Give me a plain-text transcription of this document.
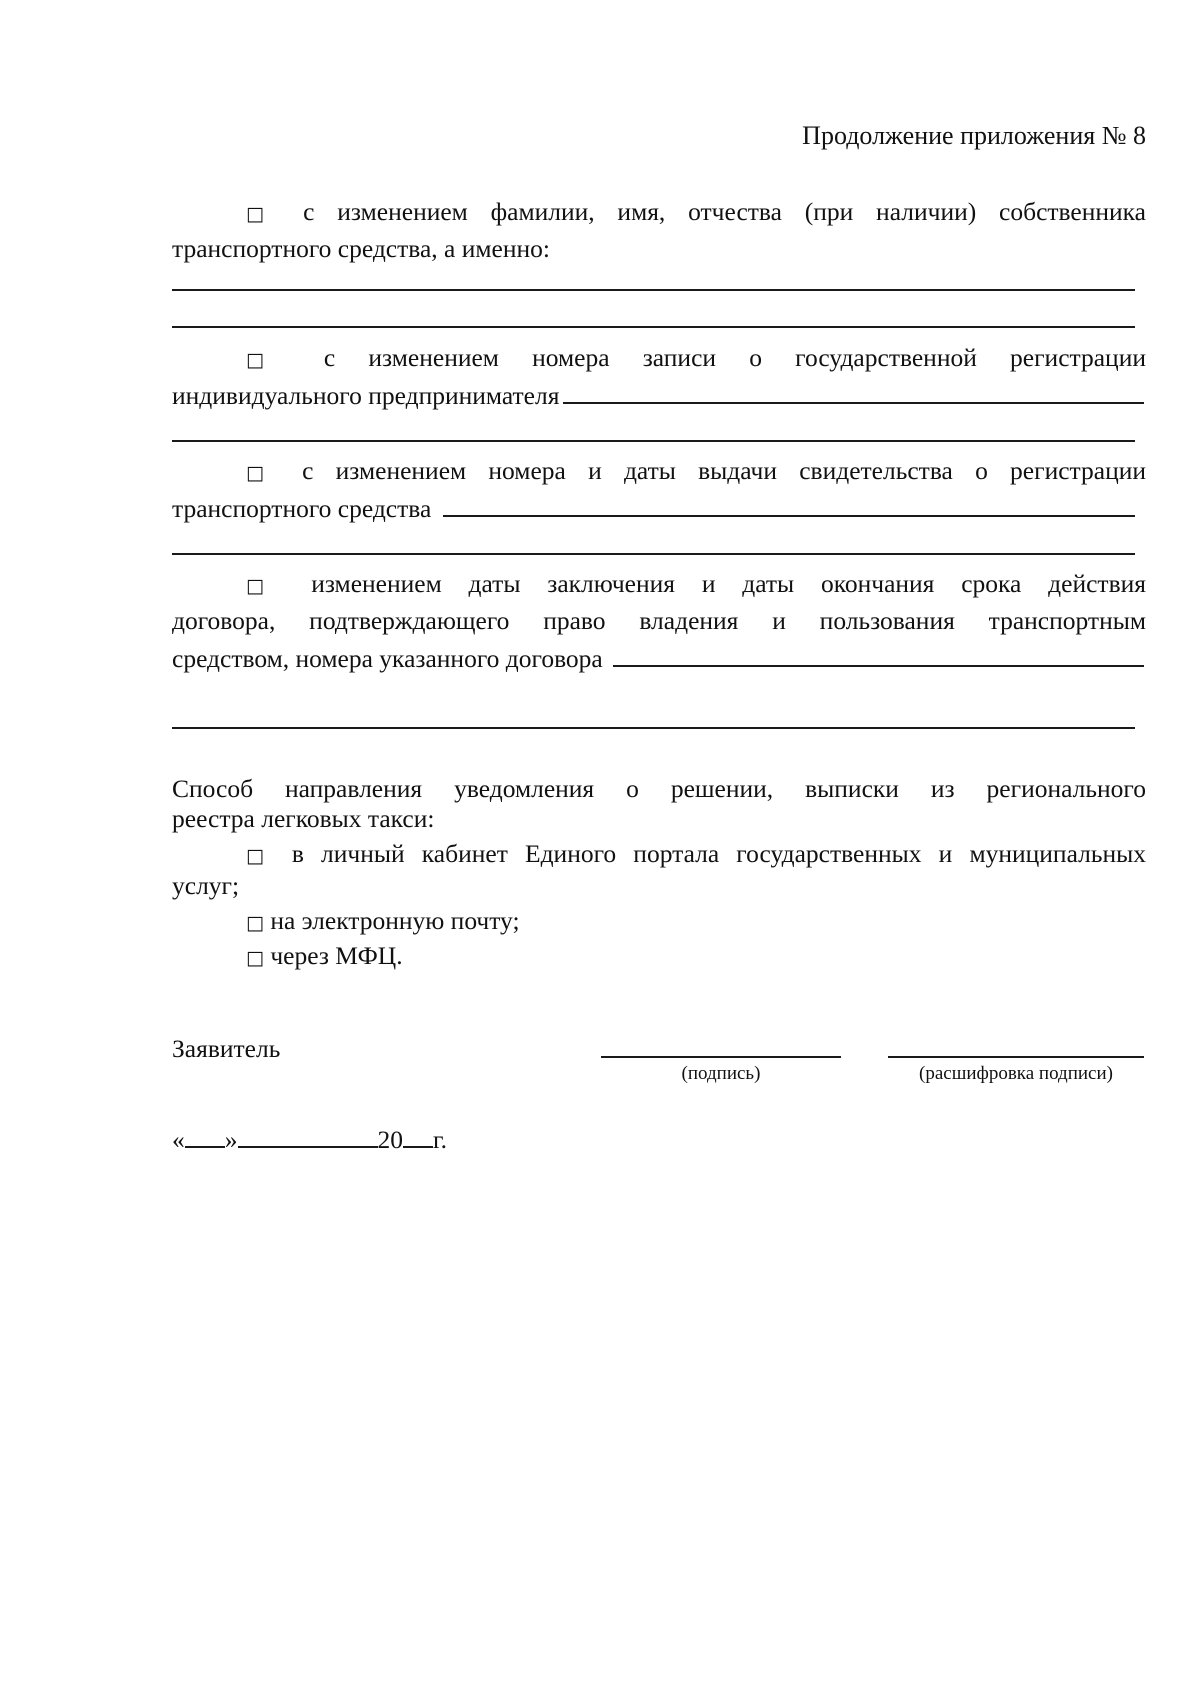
Продолжение приложения № 8
□ с изменением фамилии, имя, отчества (при наличии) собственника
транспортного средства, а именно:
□ с изменением номера записи о государственной регистрации
индивидуального предпринимателя
□ с изменением номера и даты выдачи свидетельства о регистрации
транспортного средства
□ изменением даты заключения и даты окончания срока действия
договора, подтверждающего право владения и пользования транспортным
средством, номера указанного договора
Способ направления уведомления о решении, выписки из регионального
реестра легковых такси:
□ в личный кабинет Единого портала государственных и муниципальных
услуг;
□ на электронную почту;
□ через МФЦ.
Заявитель
(подпись)	(расшифровка подписи)
« »	20 г.
